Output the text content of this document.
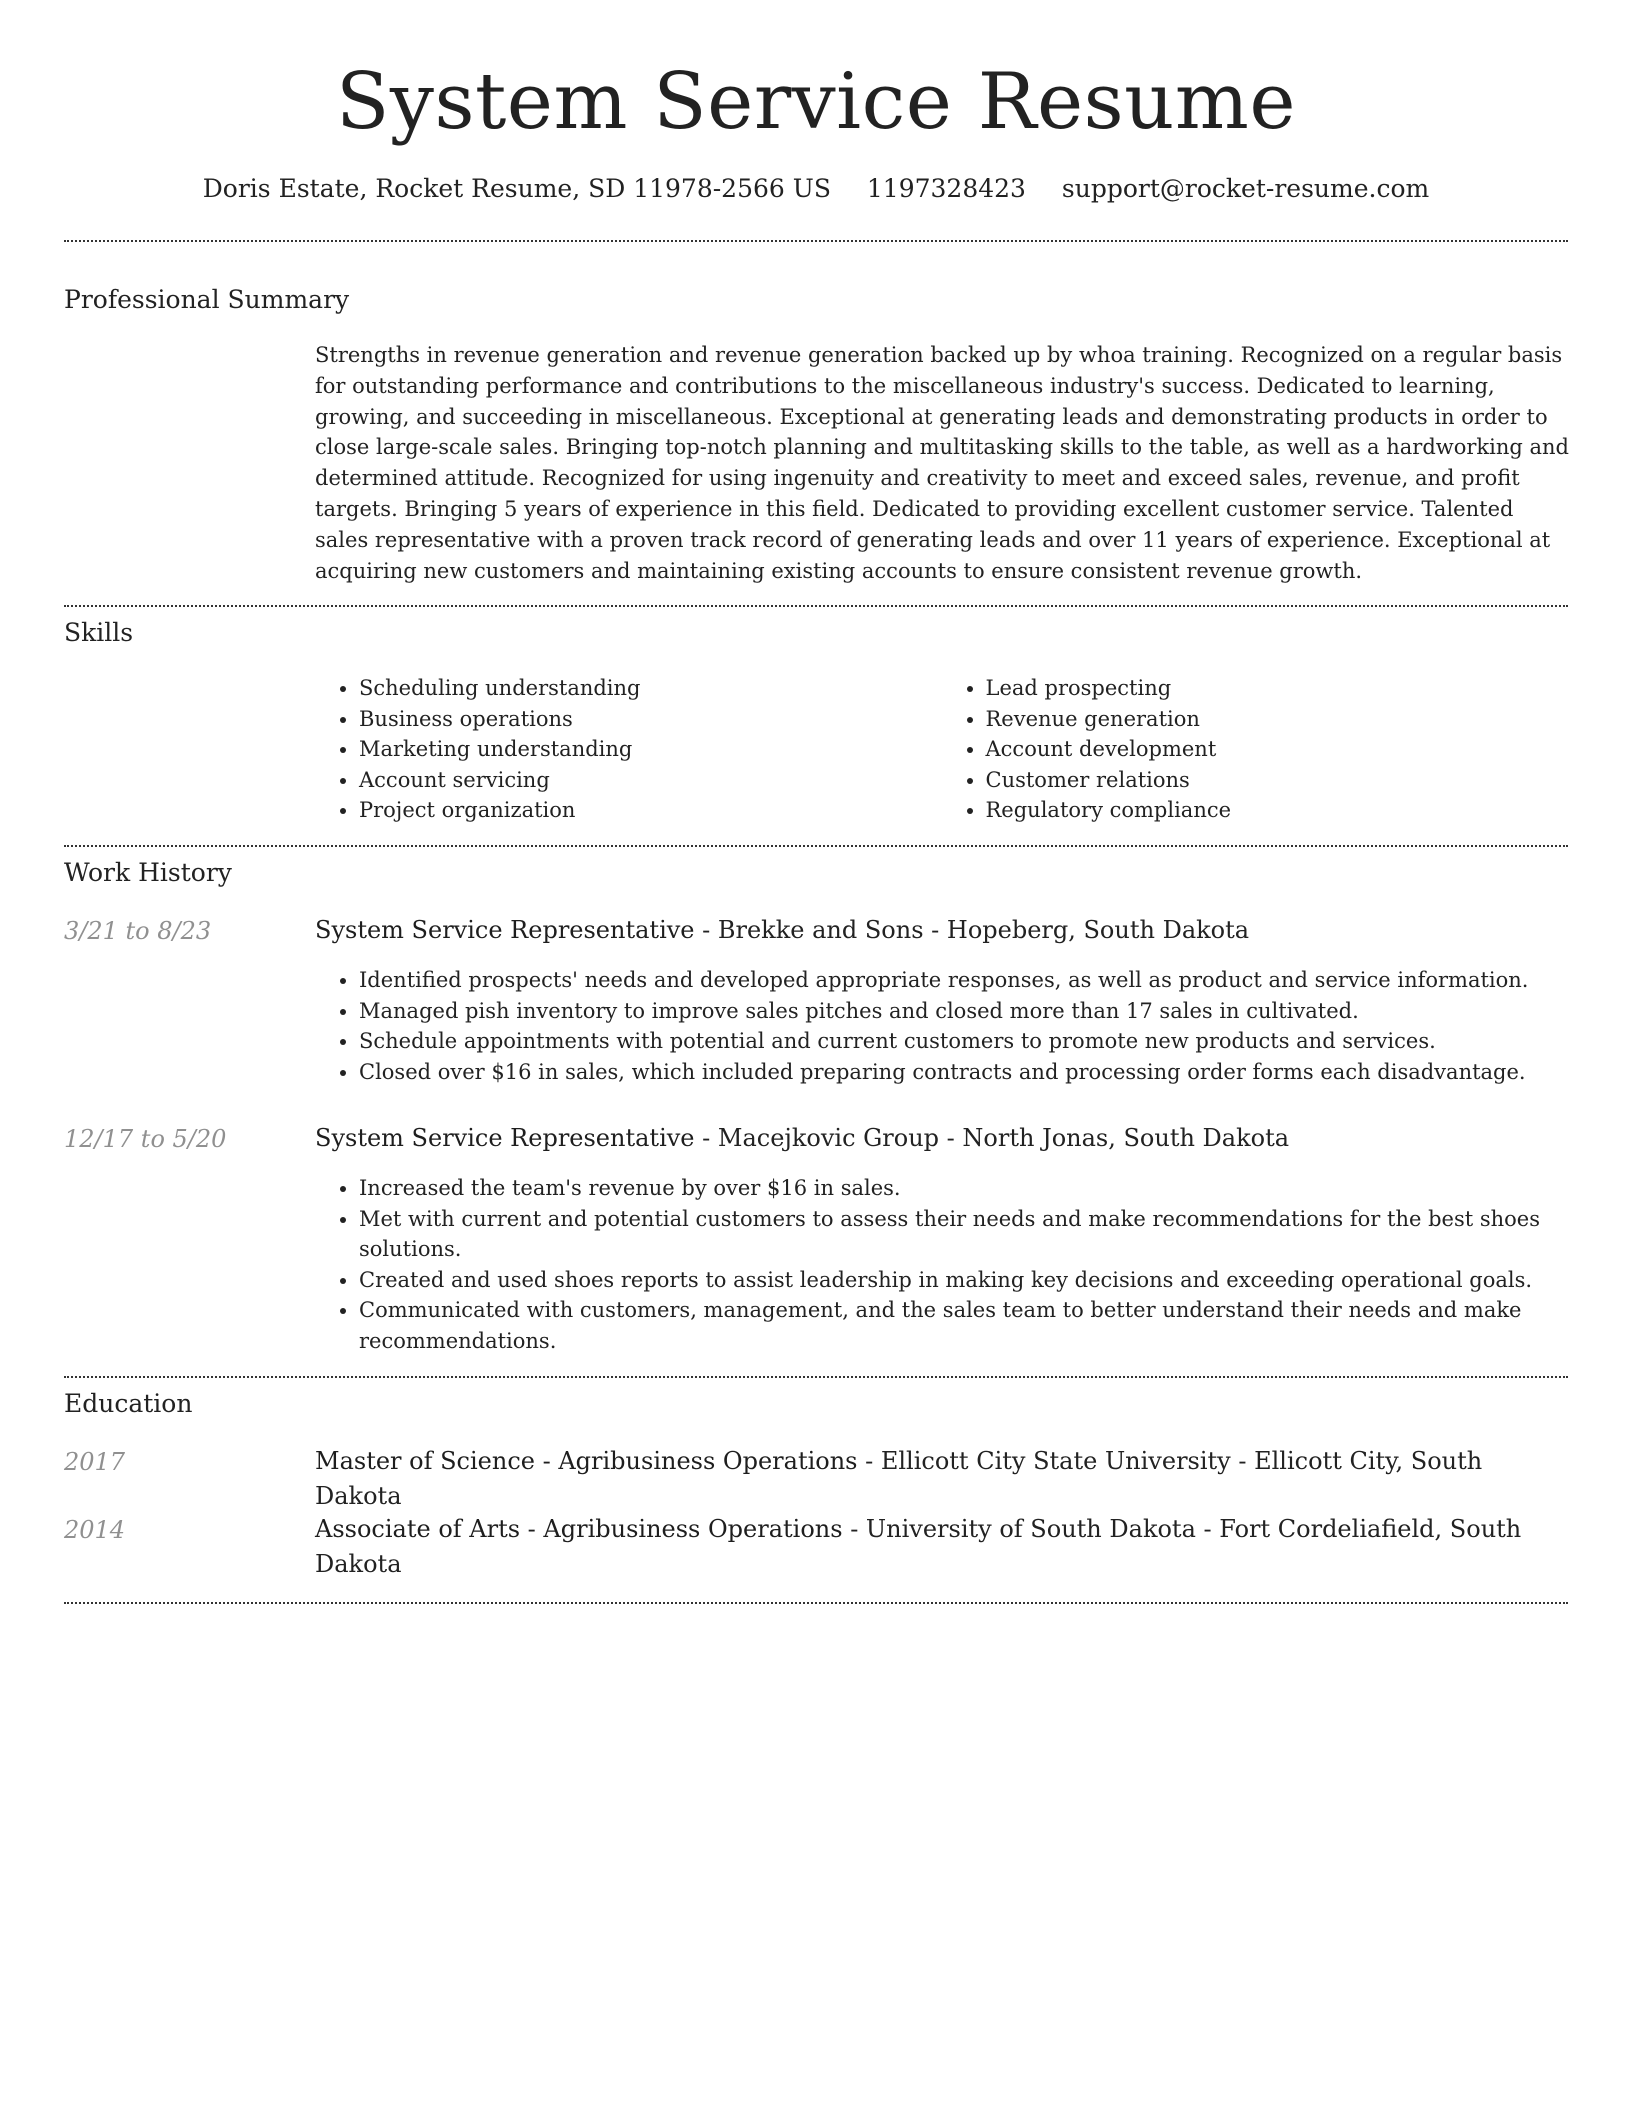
System Service Resume
Doris Estate, Rocket Resume, SD 11978-2566 US 1197328423 support@rocket-resume.com
Professional Summary

Strengths in revenue generation and revenue generation backed up by whoa training. Recognized on a regular basis for outstanding performance and contributions to the miscellaneous industry's success. Dedicated to learning, growing, and succeeding in miscellaneous. Exceptional at generating leads and demonstrating products in order to close large-scale sales. Bringing top-notch planning and multitasking skills to the table, as well as a hardworking and determined attitude. Recognized for using ingenuity and creativity to meet and exceed sales, revenue, and profit targets. Bringing 5 years of experience in this field. Dedicated to providing excellent customer service. Talented sales representative with a proven track record of generating leads and over 11 years of experience. Exceptional at acquiring new customers and maintaining existing accounts to ensure consistent revenue growth.

Skills
• Scheduling understanding
• Business operations
• Marketing understanding
• Account servicing
• Project organization
• Lead prospecting
• Revenue generation
• Account development
• Customer relations
• Regulatory compliance
Work History
3/21 to 8/23	System Service Representative - Brekke and Sons - Hopeberg, South Dakota
• Identified prospects' needs and developed appropriate responses, as well as product and service information.
• Managed pish inventory to improve sales pitches and closed more than 17 sales in cultivated.
• Schedule appointments with potential and current customers to promote new products and services.
• Closed over $16 in sales, which included preparing contracts and processing order forms each disadvantage.
12/17 to 5/20	System Service Representative - Macejkovic Group - North Jonas, South Dakota
• Increased the team's revenue by over $16 in sales.
• Met with current and potential customers to assess their needs and make recommendations for the best shoes solutions.
• Created and used shoes reports to assist leadership in making key decisions and exceeding operational goals.
• Communicated with customers, management, and the sales team to better understand their needs and make recommendations.
Education
2017	Master of Science - Agribusiness Operations - Ellicott City State University - Ellicott City, South Dakota
2014	Associate of Arts - Agribusiness Operations - University of South Dakota - Fort Cordeliafield, South Dakota
